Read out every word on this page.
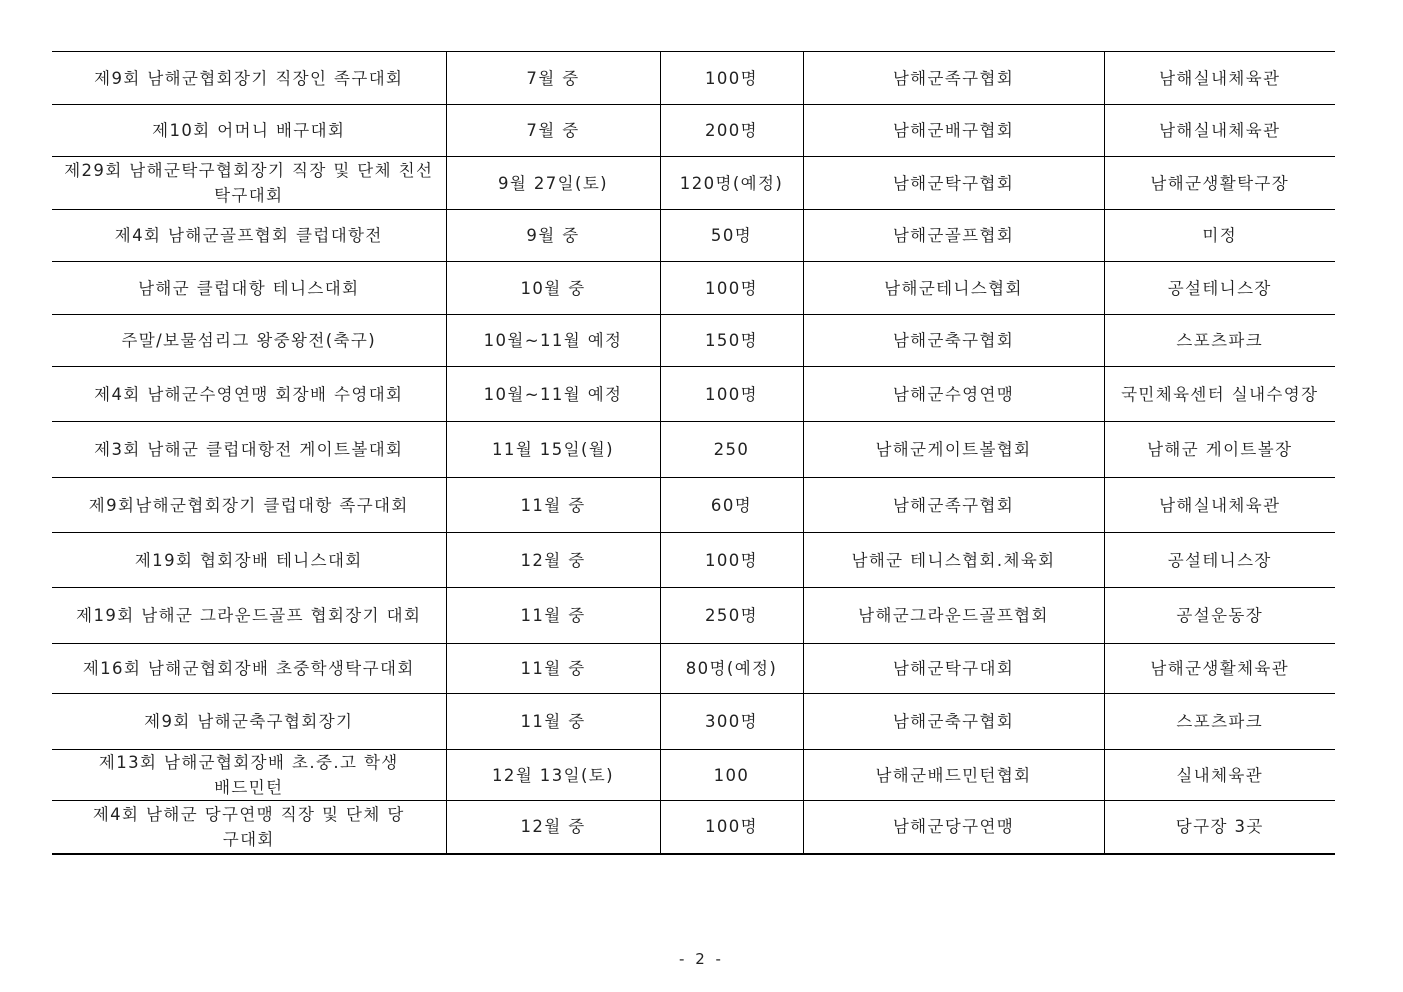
제9회 남해군협회장기 직장인 족구대회	7월 중	100명	남해군족구협회	남해실내체육관
제10회 어머니 배구대회	7월 중	200명	남해군배구협회	남해실내체육관
제29회 남해군탁구협회장기 직장 및 단체 친선 탁구대회	9월 27일(토)	120명(예정)	남해군탁구협회	남해군생활탁구장
제4회 남해군골프협회 클럽대항전	9월 중	50명	남해군골프협회	미정
남해군 클럽대항 테니스대회	10월 중	100명	남해군테니스협회	공설테니스장
주말/보물섬리그 왕중왕전(축구)	10월~11월 예정	150명	남해군축구협회	스포츠파크
제4회 남해군수영연맹 회장배 수영대회	10월~11월 예정	100명	남해군수영연맹	국민체육센터 실내수영장
제3회 남해군 클럽대항전 게이트볼대회	11월 15일(월)	250	남해군게이트볼협회	남해군 게이트볼장
제9회남해군협회장기 클럽대항 족구대회	11월 중	60명	남해군족구협회	남해실내체육관
제19회 협회장배 테니스대회	12월 중	100명	남해군 테니스협회.체육회	공설테니스장
제19회 남해군 그라운드골프 협회장기 대회	11월 중	250명	남해군그라운드골프협회	공설운동장
제16회 남해군협회장배 초중학생탁구대회	11월 중	80명(예정)	남해군탁구대회	남해군생활체육관
제9회 남해군축구협회장기	11월 중	300명	남해군축구협회	스포츠파크
제13회 남해군협회장배 초.중.고 학생 배드민턴	12월 13일(토)	100	남해군배드민턴협회	실내체육관
제4회 남해군 당구연맹 직장 및 단체 당구대회	12월 중	100명	남해군당구연맹	당구장 3곳
- 2 -
